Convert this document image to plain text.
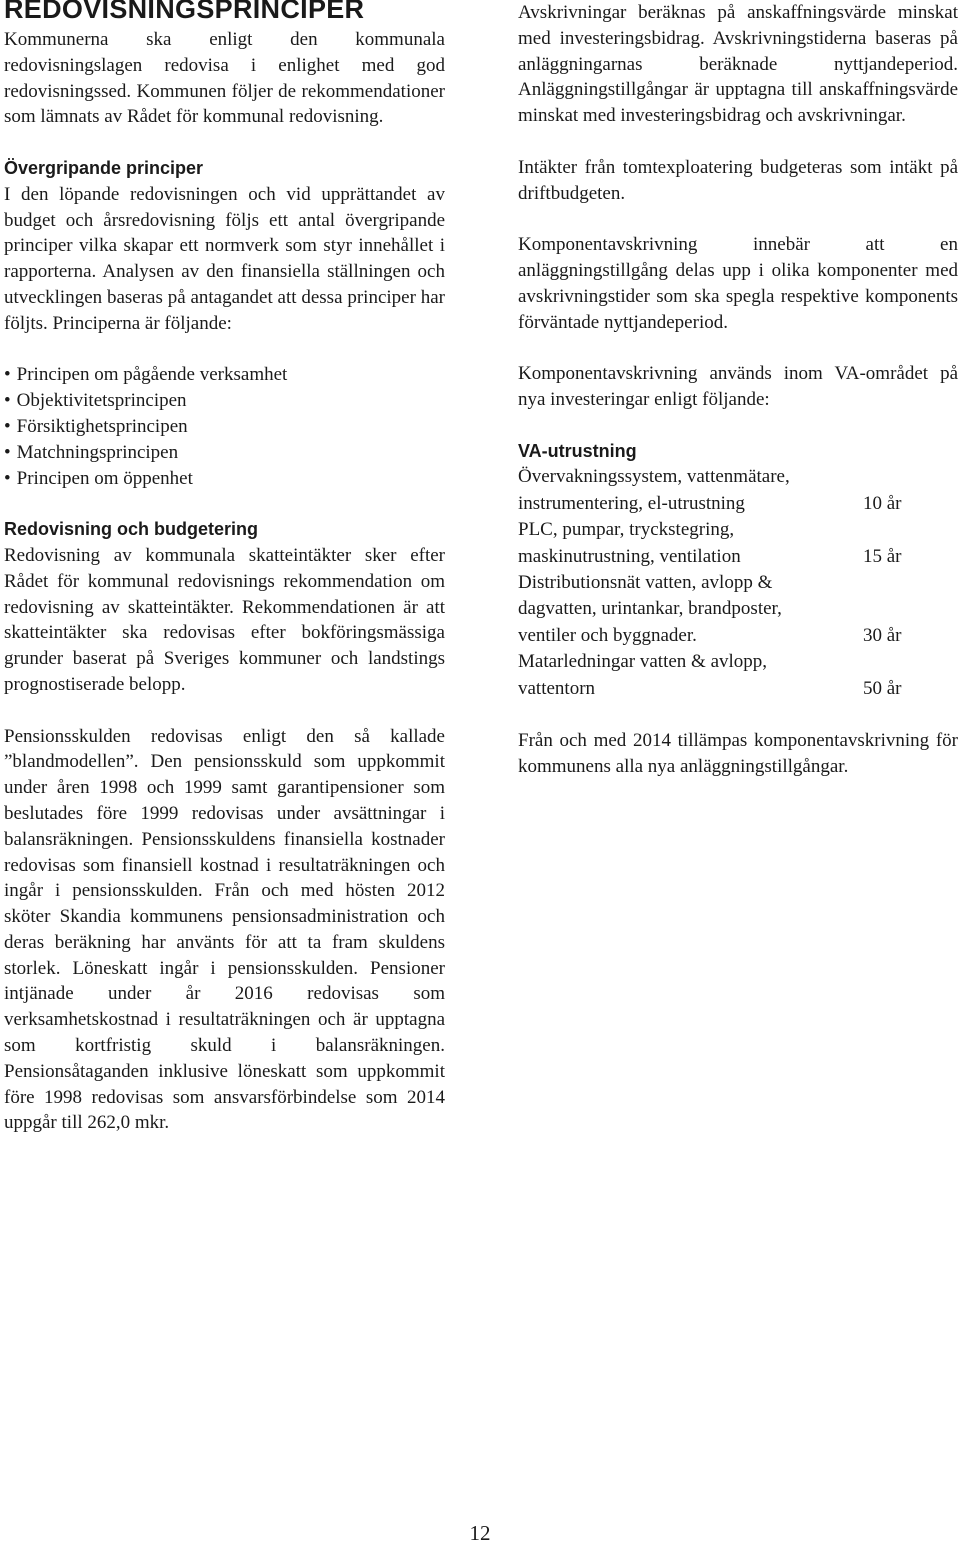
REDOVISNINGSPRINCIPER

Kommunerna ska enligt den kommunala redovisningslagen redovisa i enlighet med god redovisningssed. Kommunen följer de rekommendationer som lämnats av Rådet för kommunal redovisning.

Övergripande principer

I den löpande redovisningen och vid upprättandet av budget och årsredovisning följs ett antal övergripande principer vilka skapar ett normverk som styr innehållet i rapporterna. Analysen av den finansiella ställningen och utvecklingen baseras på antagandet att dessa principer har följts. Principerna är följande:

• Principen om pågående verksamhet
• Objektivitetsprincipen
• Försiktighetsprincipen
• Matchningsprincipen
• Principen om öppenhet
Redovisning och budgetering

Redovisning av kommunala skatteintäkter sker efter Rådet för kommunal redovisnings rekommendation om redovisning av skatteintäkter. Rekommendationen är att skatteintäkter ska redovisas efter bokföringsmässiga grunder baserat på Sveriges kommuner och landstings prognostiserade belopp.

Pensionsskulden redovisas enligt den så kallade ”blandmodellen”. Den pensionsskuld som uppkommit under åren 1998 och 1999 samt garantipensioner som beslutades före 1999 redovisas under avsättningar i balansräkningen. Pensionsskuldens finansiella kostnader redovisas som finansiell kostnad i resultaträkningen och ingår i pensionsskulden. Från och med hösten 2012 sköter Skandia kommunens pensionsadministration och deras beräkning har använts för att ta fram skuldens storlek. Löneskatt ingår i pensionsskulden. Pensioner intjänade under år 2016 redovisas som verksamhetskostnad i resultaträkningen och är upptagna som kortfristig skuld i balansräkningen. Pensionsåtaganden inklusive löneskatt som uppkommit före 1998 redovisas som ansvarsförbindelse som 2014 uppgår till 262,0 mkr.

Avskrivningar beräknas på anskaffningsvärde minskat med investeringsbidrag. Avskrivningstiderna baseras på anläggningarnas beräknade nyttjandeperiod. Anläggningstillgångar är upptagna till anskaffningsvärde minskat med investeringsbidrag och avskrivningar.

Intäkter från tomtexploatering budgeteras som intäkt på driftbudgeten.

Komponentavskrivning innebär att en anläggningstillgång delas upp i olika komponenter med avskrivningstider som ska spegla respektive komponents förväntade nyttjandeperiod.

Komponentavskrivning används inom VA-området på nya investeringar enligt följande:

VA-utrustning
Övervakningssystem, vattenmätare,
instrumentering, el-utrustning	10 år

PLC, pumpar, tryckstegring,
maskinutrustning, ventilation	15 år

Distributionsnät vatten, avlopp &
dagvatten, urintankar, brandposter,
ventiler och byggnader.	30 år

Matarledningar vatten & avlopp,
vattentorn	50 år

Från och med 2014 tillämpas komponentavskrivning för kommunens alla nya anläggningstillgångar.

12
